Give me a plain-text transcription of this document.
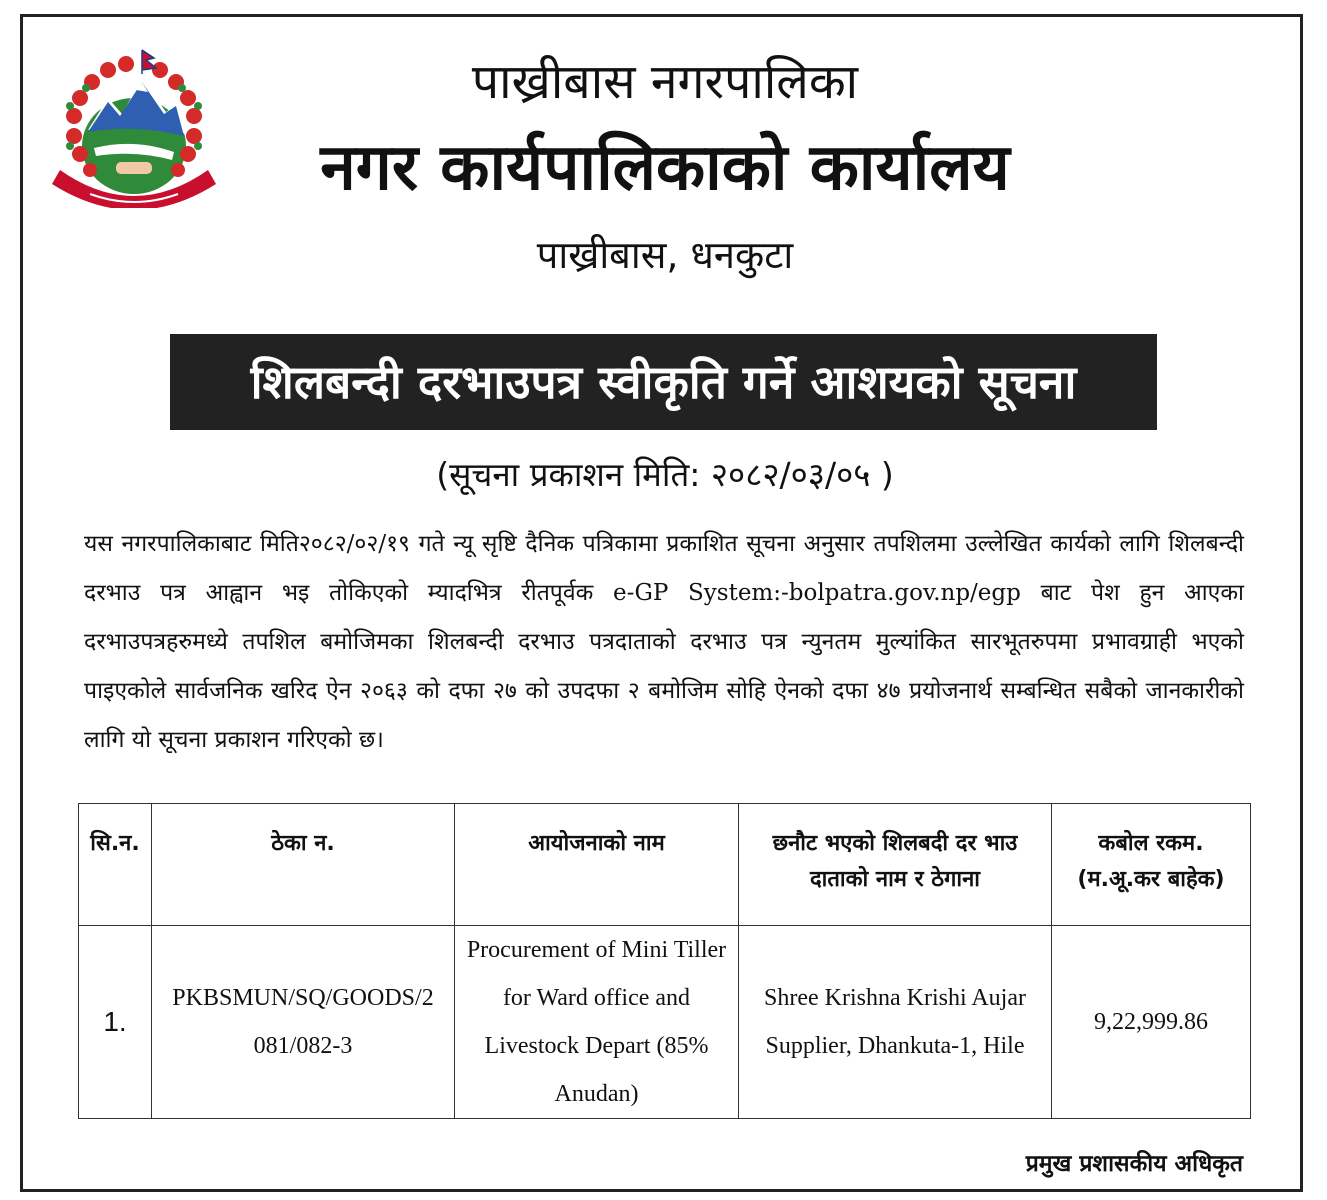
पाख्रीबास नगरपालिका
नगर कार्यपालिकाको कार्यालय
पाख्रीबास, धनकुटा
शिलबन्दी दरभाउपत्र स्वीकृति गर्ने आशयको सूचना
(सूचना प्रकाशन मिति: २०८२/०३/०५ )
यस नगरपालिकाबाट मिति२०८२/०२/१९ गते न्यू सृष्टि दैनिक पत्रिकामा प्रकाशित सूचना अनुसार तपशिलमा उल्लेखित कार्यको लागि शिलबन्दी दरभाउ पत्र आह्वान भइ तोकिएको म्यादभित्र रीतपूर्वक e-GP System:-bolpatra.gov.np/egp बाट पेश हुन आएका दरभाउपत्रहरुमध्ये तपशिल बमोजिमका शिलबन्दी दरभाउ पत्रदाताको दरभाउ पत्र न्युनतम मुल्यांकित सारभूतरुपमा प्रभावग्राही भएको पाइएकोले सार्वजनिक खरिद ऐन २०६३ को दफा २७ को उपदफा २ बमोजिम सोहि ऐनको दफा ४७ प्रयोजनार्थ सम्बन्धित सबैको जानकारीको लागि यो सूचना प्रकाशन गरिएको छ।
सि.न.	ठेका न.	आयोजनाको नाम	छनौट भएको शिलबदी दर भाउ दाताको नाम र ठेगाना	कबोल रकम. (म.अू.कर बाहेक)
1.	PKBSMUN/SQ/GOODS/2 081/082-3	Procurement of Mini Tiller for Ward office and Livestock Depart (85% Anudan)	Shree Krishna Krishi Aujar Supplier, Dhankuta-1, Hile	9,22,999.86
प्रमुख प्रशासकीय अधिकृत
